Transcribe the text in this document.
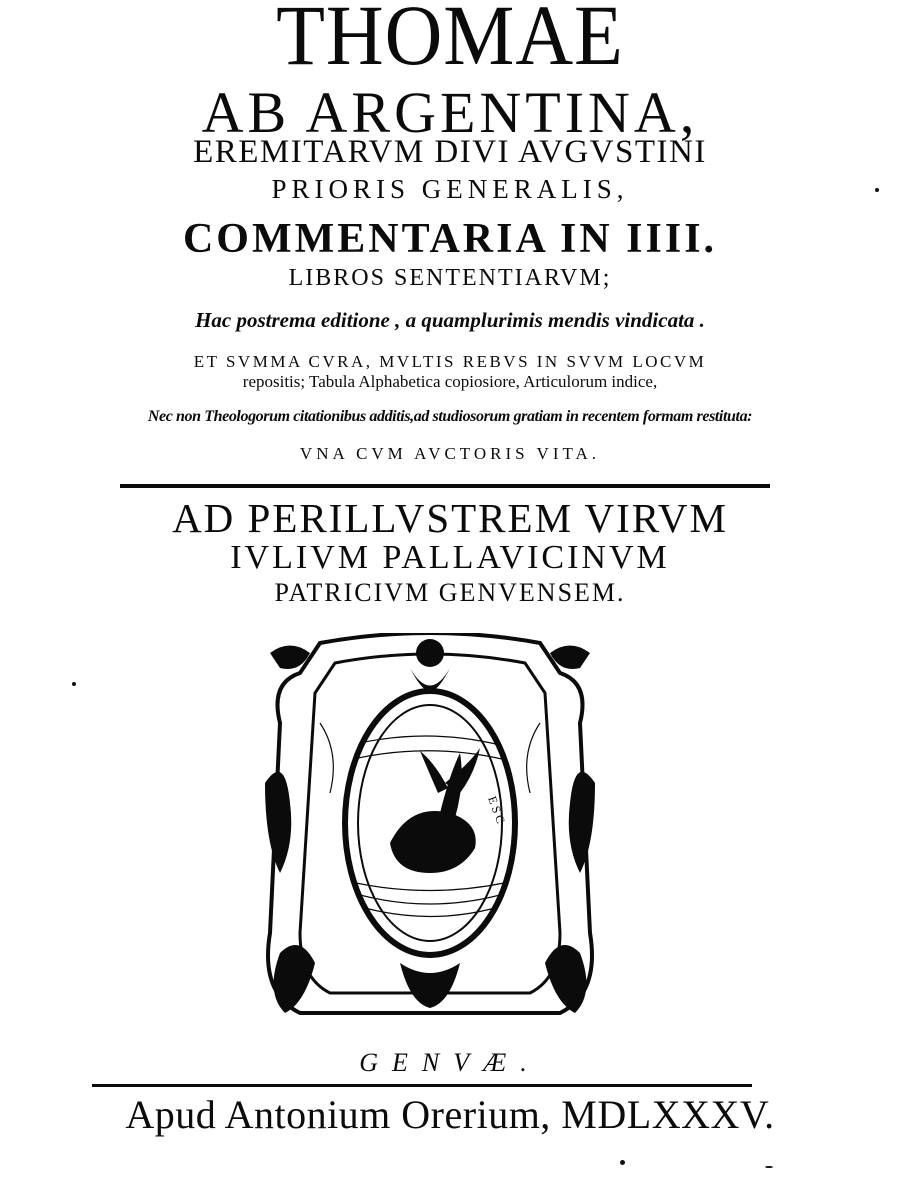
THOMAE
AB ARGENTINA,
EREMITARVM DIVI AVGVSTINI
PRIORIS GENERALIS,
COMMENTARIA IN IIII.
LIBROS SENTENTIARVM;
Hac postrema editione , a quamplurimis mendis vindicata .
ET SVMMA CVRA, MVLTIS REBVS IN SVVM LOCVM
repositis; Tabula Alphabetica copiosiore, Articulorum indice,
Nec non Theologorum citationibus additis,ad studiosorum gratiam in recentem formam restituta:
VNA CVM AVCTORIS VITA.
AD PERILLVSTREM VIRVM
IVLIVM PALLAVICINVM
PATRICIVM GENVENSEM.
E S C
GENVÆ.
Apud Antonium Orerium, MDLXXXV.
